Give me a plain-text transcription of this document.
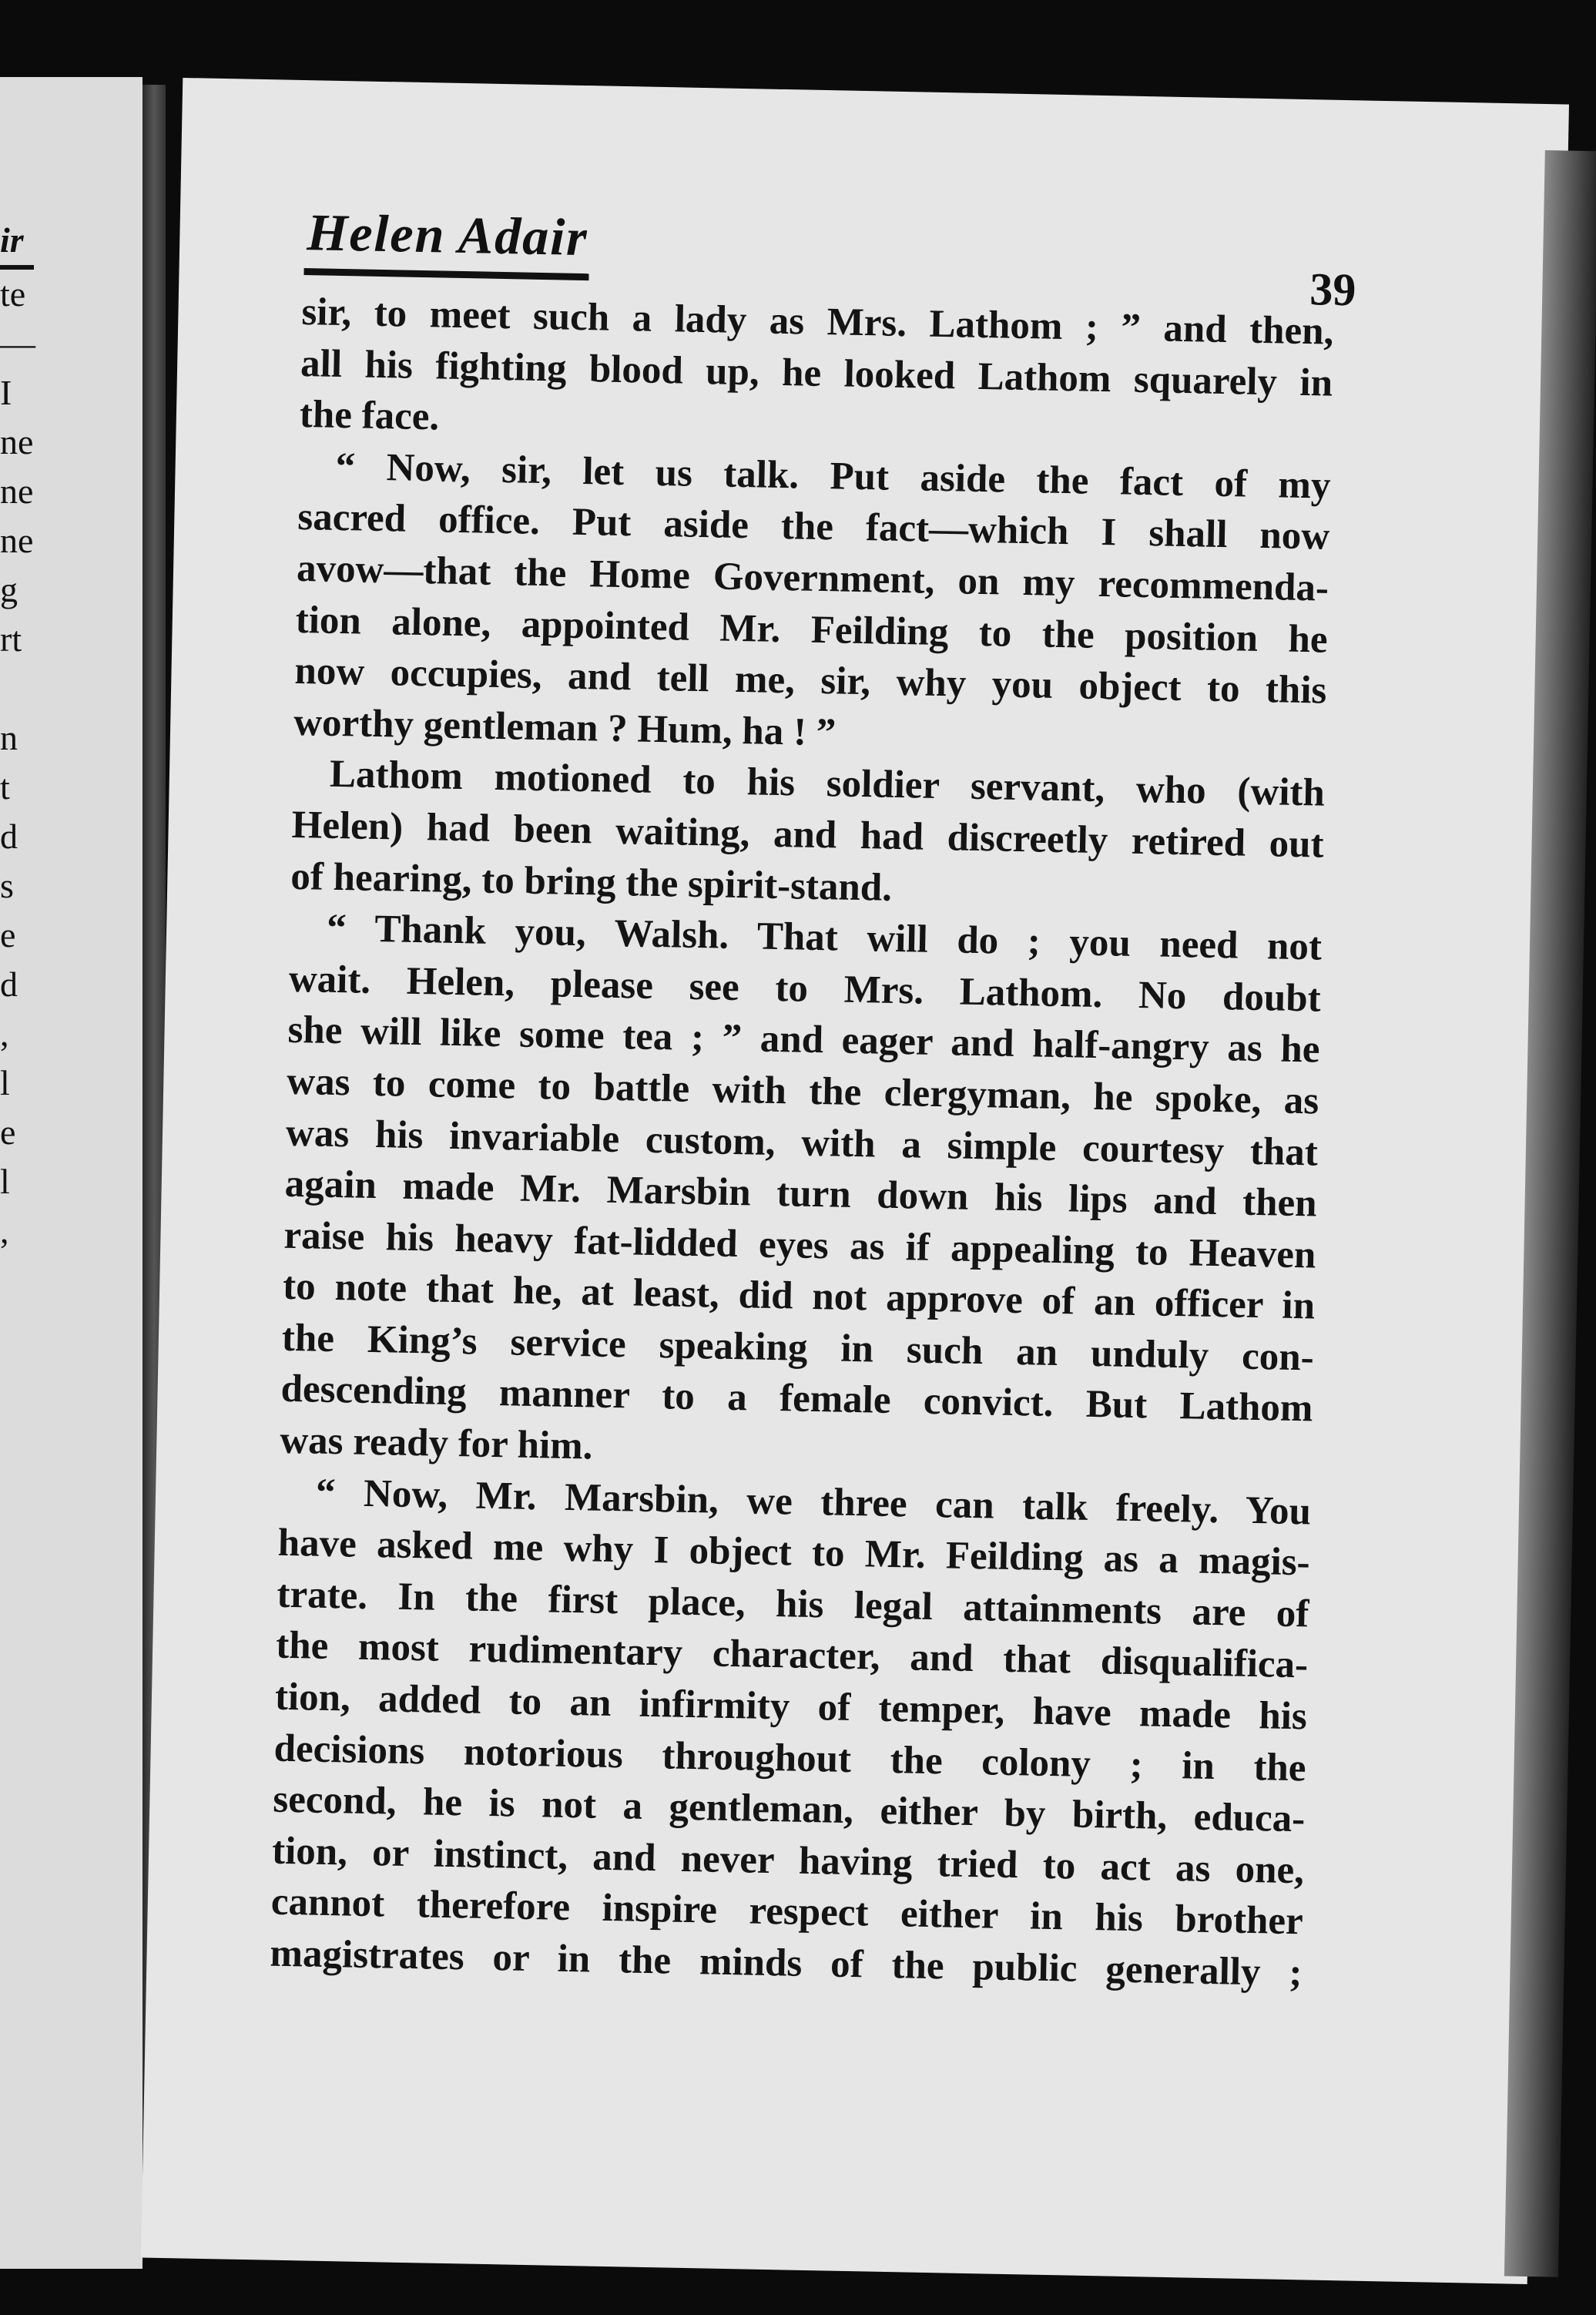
ir
te
—
I
ne
ne
ne
g
rt
n
t
d
s
e
d
,
l
e
l
,
Helen Adair
39
sir, to meet such a lady as Mrs. Lathom ; ” and then,
all his fighting blood up, he looked Lathom squarely in
the face.
“ Now, sir, let us talk. Put aside the fact of my
sacred office. Put aside the fact—which I shall now
avow—that the Home Government, on my recommenda-
tion alone, appointed Mr. Feilding to the position he
now occupies, and tell me, sir, why you object to this
worthy gentleman ? Hum, ha ! ”
Lathom motioned to his soldier servant, who (with
Helen) had been waiting, and had discreetly retired out
of hearing, to bring the spirit-stand.
“ Thank you, Walsh. That will do ; you need not
wait. Helen, please see to Mrs. Lathom. No doubt
she will like some tea ; ” and eager and half-angry as he
was to come to battle with the clergyman, he spoke, as
was his invariable custom, with a simple courtesy that
again made Mr. Marsbin turn down his lips and then
raise his heavy fat-lidded eyes as if appealing to Heaven
to note that he, at least, did not approve of an officer in
the King’s service speaking in such an unduly con-
descending manner to a female convict. But Lathom
was ready for him.
“ Now, Mr. Marsbin, we three can talk freely. You
have asked me why I object to Mr. Feilding as a magis-
trate. In the first place, his legal attainments are of
the most rudimentary character, and that disqualifica-
tion, added to an infirmity of temper, have made his
decisions notorious throughout the colony ; in the
second, he is not a gentleman, either by birth, educa-
tion, or instinct, and never having tried to act as one,
cannot therefore inspire respect either in his brother
magistrates or in the minds of the public generally ;
